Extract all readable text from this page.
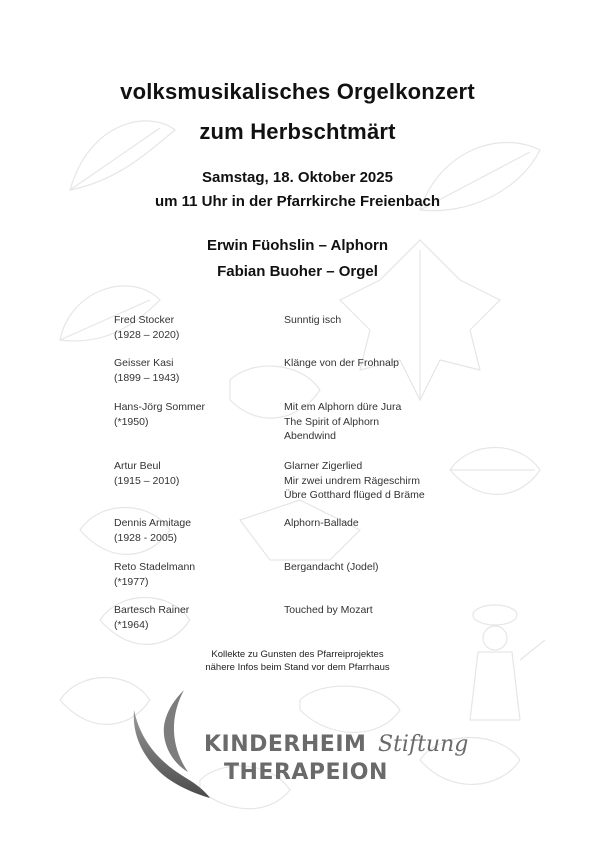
volksmusikalisches Orgelkonzert
zum Herbschtmärt
Samstag, 18. Oktober 2025
um 11 Uhr in der Pfarrkirche Freienbach
Erwin Füohslin – Alphorn
Fabian Buoher – Orgel
Fred Stocker
(1928 – 2020)
Sunntig isch
Geisser Kasi
(1899 – 1943)
Klänge von der Frohnalp
Hans-Jörg Sommer
(*1950)
Mit em Alphorn düre Jura
The Spirit of Alphorn
Abendwind
Artur Beul
(1915 – 2010)
Glarner Zigerlied
Mir zwei undrem Rägeschirm
Übre Gotthard flüged d Bräme
Dennis Armitage
(1928 - 2005)
Alphorn-Ballade
Reto Stadelmann
(*1977)
Bergandacht (Jodel)
Bartesch Rainer
(*1964)
Touched by Mozart
Kollekte zu Gunsten des Pfarreiprojektes
nähere Infos beim Stand vor dem Pfarrhaus
KINDERHEIM Stiftung
THERAPEION
